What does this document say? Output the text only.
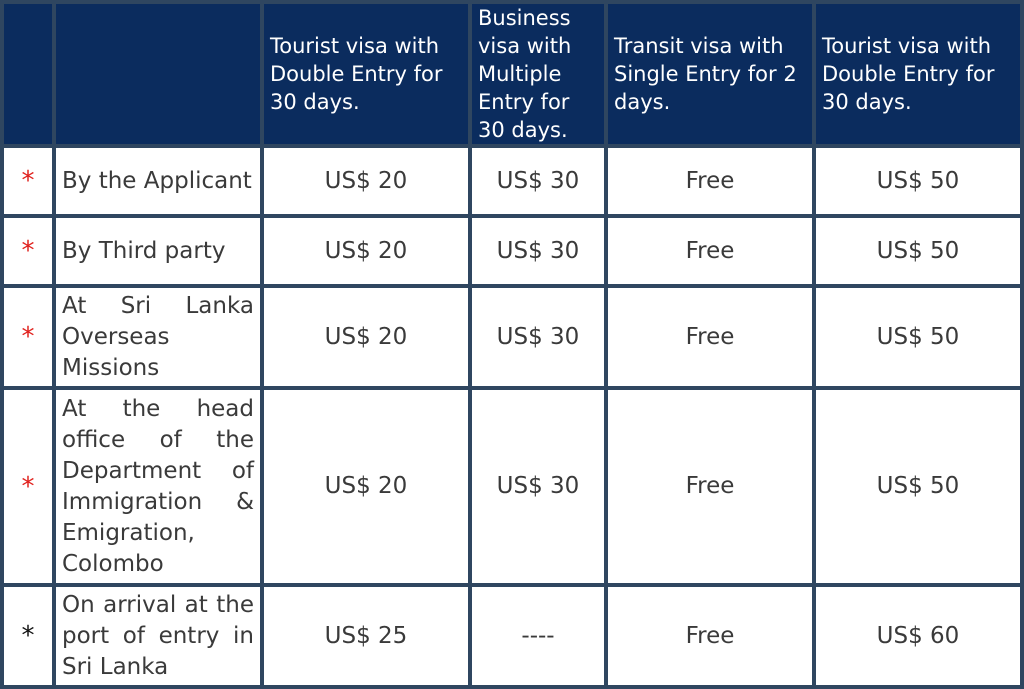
		Tourist visa with Double Entry for 30 days.	Business visa with Multiple Entry for 30 days.	Transit visa with Single Entry for 2 days.	Tourist visa with Double Entry for 30 days.
*	By the Applicant	US$ 20	US$ 30	Free	US$ 50
*	By Third party	US$ 20	US$ 30	Free	US$ 50
*	At Sri Lanka Overseas Missions	US$ 20	US$ 30	Free	US$ 50
*	At the head office of the Department of Immigration & Emigration, Colombo	US$ 20	US$ 30	Free	US$ 50
*	On arrival at the port of entry in Sri Lanka	US$ 25	----	Free	US$ 60
